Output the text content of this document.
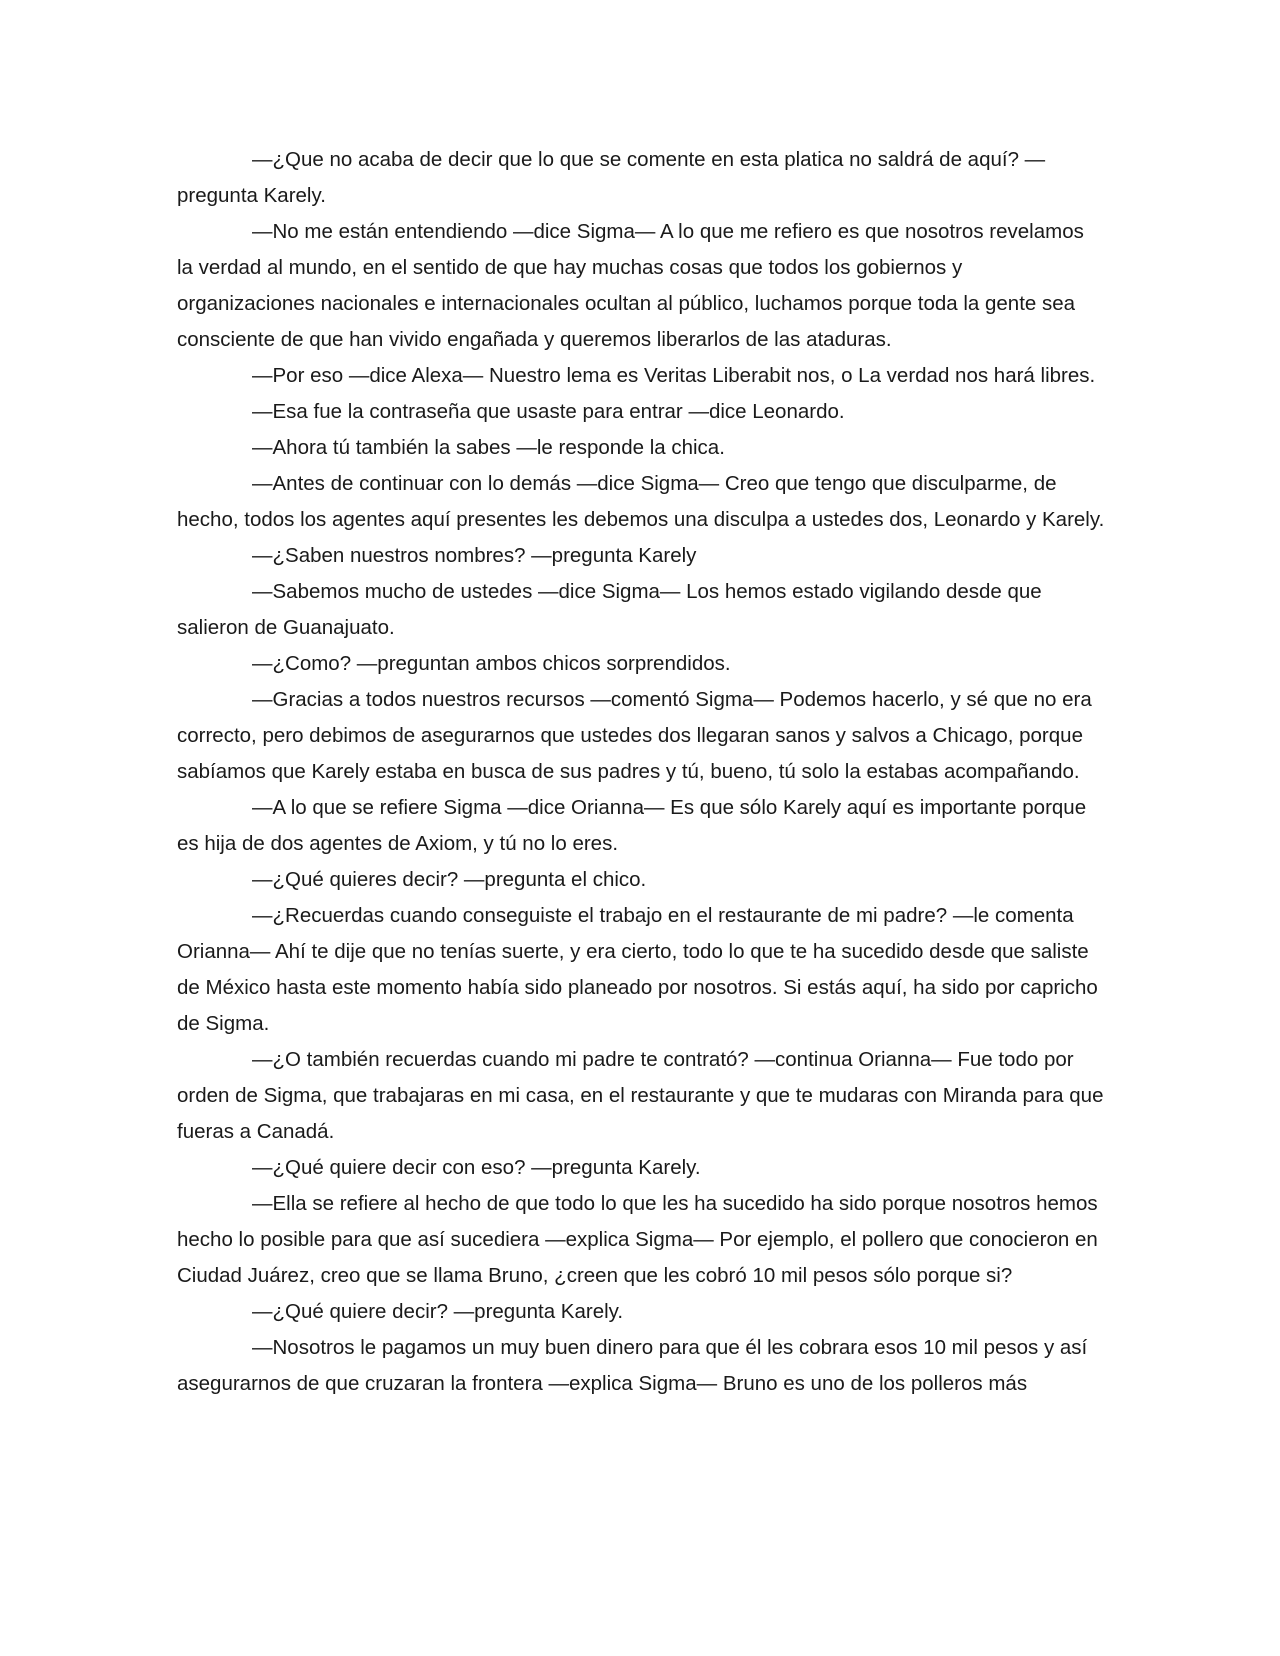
—¿Que no acaba de decir que lo que se comente en esta platica no saldrá de aquí? —pregunta Karely.

—No me están entendiendo —dice Sigma— A lo que me refiero es que nosotros revelamos la verdad al mundo, en el sentido de que hay muchas cosas que todos los gobiernos y organizaciones nacionales e internacionales ocultan al público, luchamos porque toda la gente sea consciente de que han vivido engañada y queremos liberarlos de las ataduras.

—Por eso —dice Alexa— Nuestro lema es Veritas Liberabit nos, o La verdad nos hará libres.

—Esa fue la contraseña que usaste para entrar —dice Leonardo.

—Ahora tú también la sabes —le responde la chica.

—Antes de continuar con lo demás —dice Sigma— Creo que tengo que disculparme, de hecho, todos los agentes aquí presentes les debemos una disculpa a ustedes dos, Leonardo y Karely.

—¿Saben nuestros nombres? —pregunta Karely

—Sabemos mucho de ustedes —dice Sigma— Los hemos estado vigilando desde que salieron de Guanajuato.

—¿Como? —preguntan ambos chicos sorprendidos.

—Gracias a todos nuestros recursos —comentó Sigma— Podemos hacerlo, y sé que no era correcto, pero debimos de asegurarnos que ustedes dos llegaran sanos y salvos a Chicago, porque sabíamos que Karely estaba en busca de sus padres y tú, bueno, tú solo la estabas acompañando.

—A lo que se refiere Sigma —dice Orianna— Es que sólo Karely aquí es importante porque es hija de dos agentes de Axiom, y tú no lo eres.

—¿Qué quieres decir? —pregunta el chico.

—¿Recuerdas cuando conseguiste el trabajo en el restaurante de mi padre? —le comenta Orianna— Ahí te dije que no tenías suerte, y era cierto, todo lo que te ha sucedido desde que saliste de México hasta este momento había sido planeado por nosotros. Si estás aquí, ha sido por capricho de Sigma.

—¿O también recuerdas cuando mi padre te contrató? —continua Orianna— Fue todo por orden de Sigma, que trabajaras en mi casa, en el restaurante y que te mudaras con Miranda para que fueras a Canadá.

—¿Qué quiere decir con eso? —pregunta Karely.

—Ella se refiere al hecho de que todo lo que les ha sucedido ha sido porque nosotros hemos hecho lo posible para que así sucediera —explica Sigma— Por ejemplo, el pollero que conocieron en Ciudad Juárez, creo que se llama Bruno, ¿creen que les cobró 10 mil pesos sólo porque si?

—¿Qué quiere decir? —pregunta Karely.

—Nosotros le pagamos un muy buen dinero para que él les cobrara esos 10 mil pesos y así asegurarnos de que cruzaran la frontera —explica Sigma— Bruno es uno de los polleros más
